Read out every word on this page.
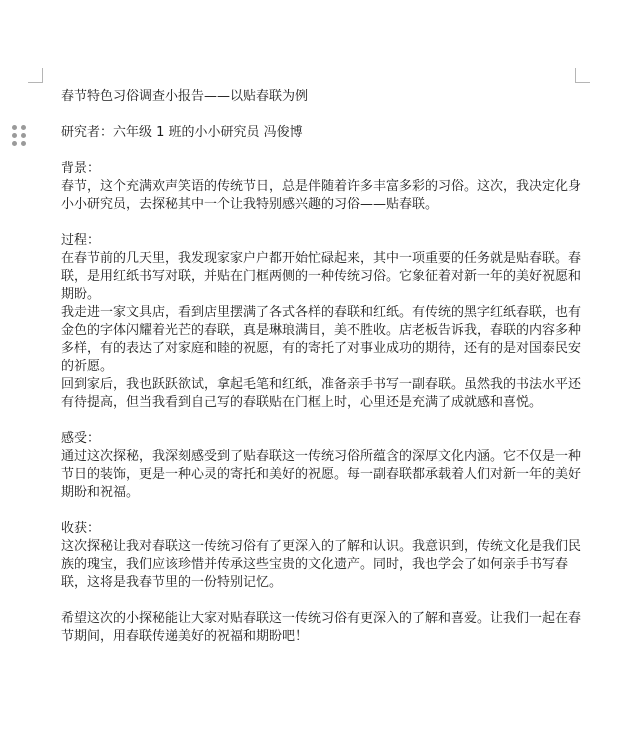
春节特色习俗调查小报告——以贴春联为例

研究者：六年级 1 班的小小研究员 冯俊博

背景：

春节，这个充满欢声笑语的传统节日，总是伴随着许多丰富多彩的习俗。这次，我决定化身小小研究员，去探秘其中一个让我特别感兴趣的习俗——贴春联。

过程：

在春节前的几天里，我发现家家户户都开始忙碌起来，其中一项重要的任务就是贴春联。春联，是用红纸书写对联，并贴在门框两侧的一种传统习俗。它象征着对新一年的美好祝愿和期盼。

我走进一家文具店，看到店里摆满了各式各样的春联和红纸。有传统的黑字红纸春联，也有金色的字体闪耀着光芒的春联，真是琳琅满目，美不胜收。店老板告诉我，春联的内容多种多样，有的表达了对家庭和睦的祝愿，有的寄托了对事业成功的期待，还有的是对国泰民安的祈愿。

回到家后，我也跃跃欲试，拿起毛笔和红纸，准备亲手书写一副春联。虽然我的书法水平还有待提高，但当我看到自己写的春联贴在门框上时，心里还是充满了成就感和喜悦。

感受：

通过这次探秘，我深刻感受到了贴春联这一传统习俗所蕴含的深厚文化内涵。它不仅是一种节日的装饰，更是一种心灵的寄托和美好的祝愿。每一副春联都承载着人们对新一年的美好期盼和祝福。

收获：

这次探秘让我对春联这一传统习俗有了更深入的了解和认识。我意识到，传统文化是我们民族的瑰宝，我们应该珍惜并传承这些宝贵的文化遗产。同时，我也学会了如何亲手书写春联，这将是我春节里的一份特别记忆。

希望这次的小探秘能让大家对贴春联这一传统习俗有更深入的了解和喜爱。让我们一起在春节期间，用春联传递美好的祝福和期盼吧！
